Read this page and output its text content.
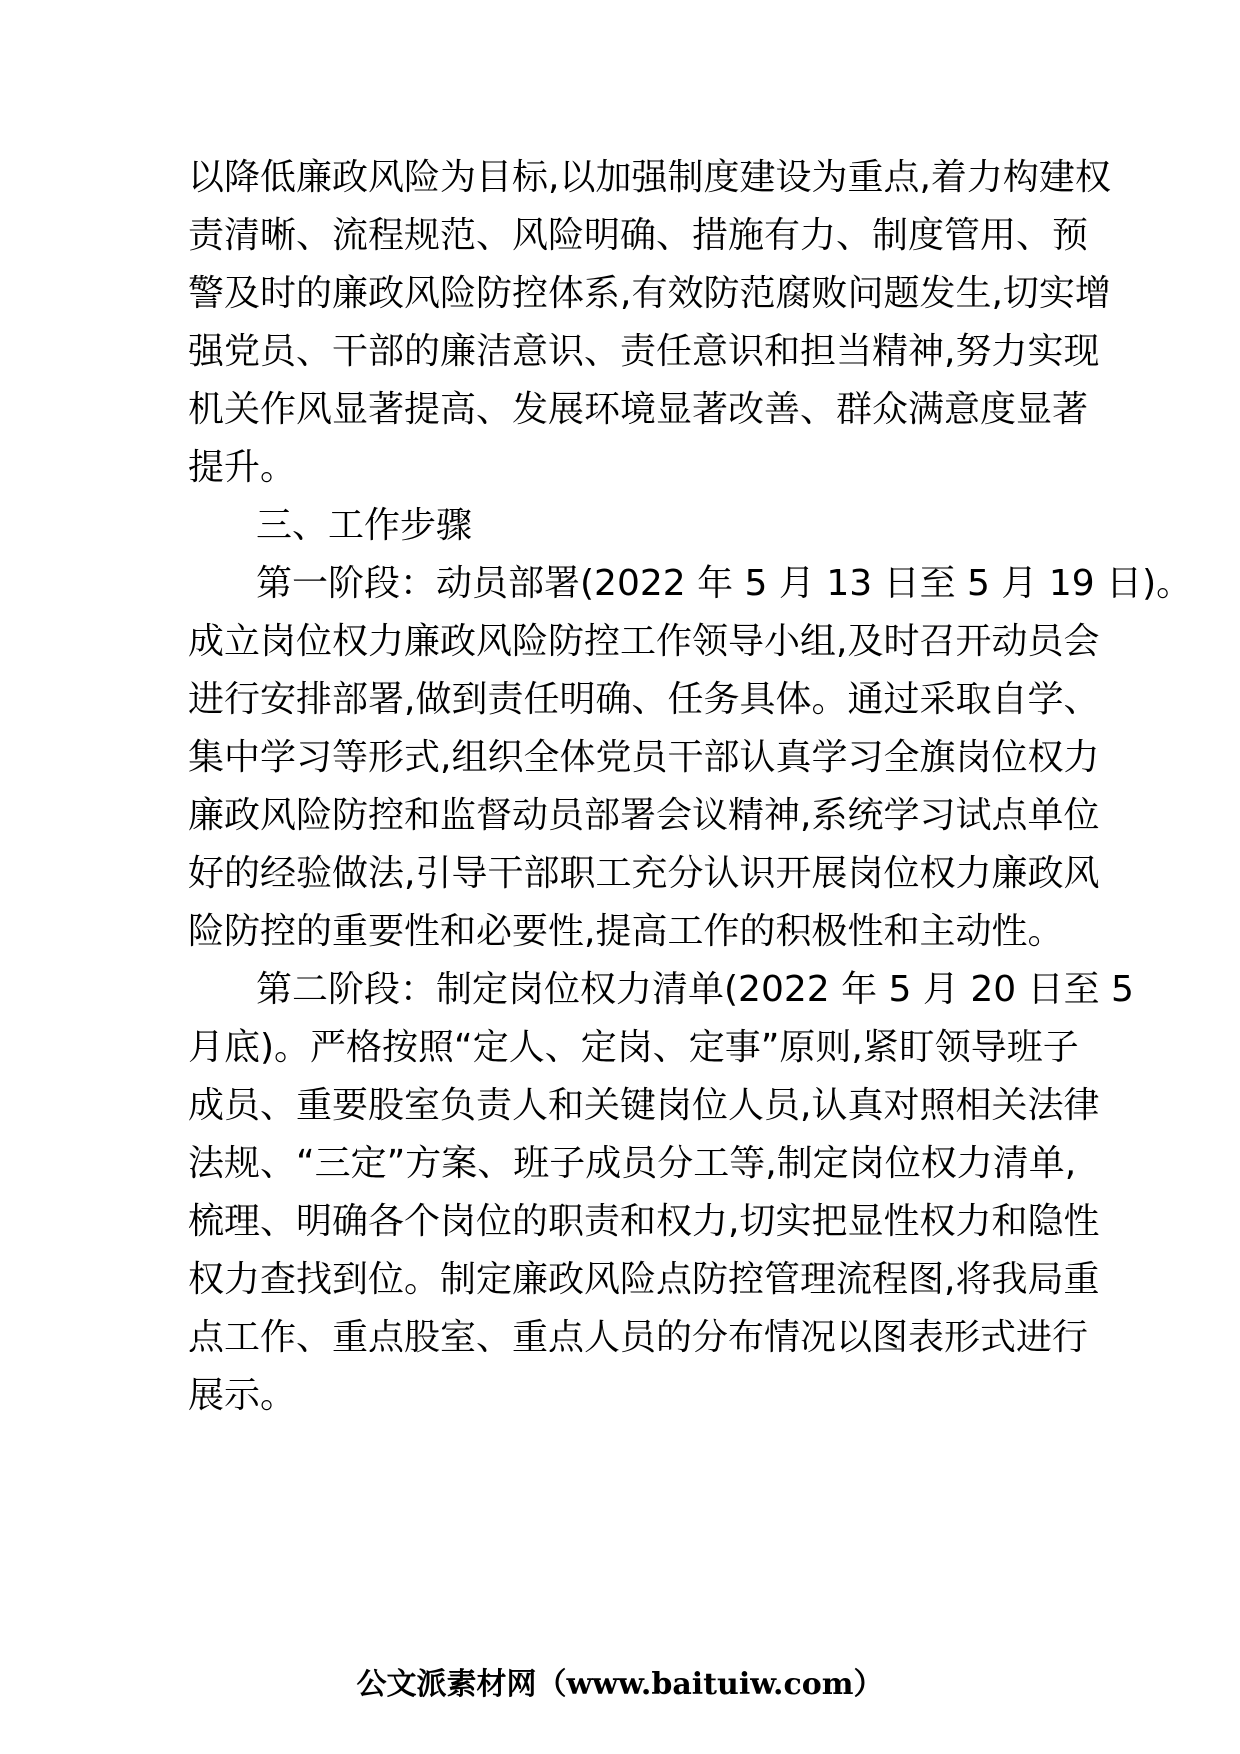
以降低廉政风险为目标,以加强制度建设为重点,着力构建权
责清晰、流程规范、风险明确、措施有力、制度管用、预
警及时的廉政风险防控体系,有效防范腐败问题发生,切实增
强党员、干部的廉洁意识、责任意识和担当精神,努力实现
机关作风显著提高、发展环境显著改善、群众满意度显著
提升。
三、工作步骤
第一阶段：动员部署(2022 年 5 月 13 日至 5 月 19 日)。
成立岗位权力廉政风险防控工作领导小组,及时召开动员会
进行安排部署,做到责任明确、任务具体。通过采取自学、
集中学习等形式,组织全体党员干部认真学习全旗岗位权力
廉政风险防控和监督动员部署会议精神,系统学习试点单位
好的经验做法,引导干部职工充分认识开展岗位权力廉政风
险防控的重要性和必要性,提高工作的积极性和主动性。
第二阶段：制定岗位权力清单(2022 年 5 月 20 日至 5
月底)。严格按照“定人、定岗、定事”原则,紧盯领导班子
成员、重要股室负责人和关键岗位人员,认真对照相关法律
法规、“三定”方案、班子成员分工等,制定岗位权力清单,
梳理、明确各个岗位的职责和权力,切实把显性权力和隐性
权力查找到位。制定廉政风险点防控管理流程图,将我局重
点工作、重点股室、重点人员的分布情况以图表形式进行
展示。
公文派素材网（www.baituiw.com）
